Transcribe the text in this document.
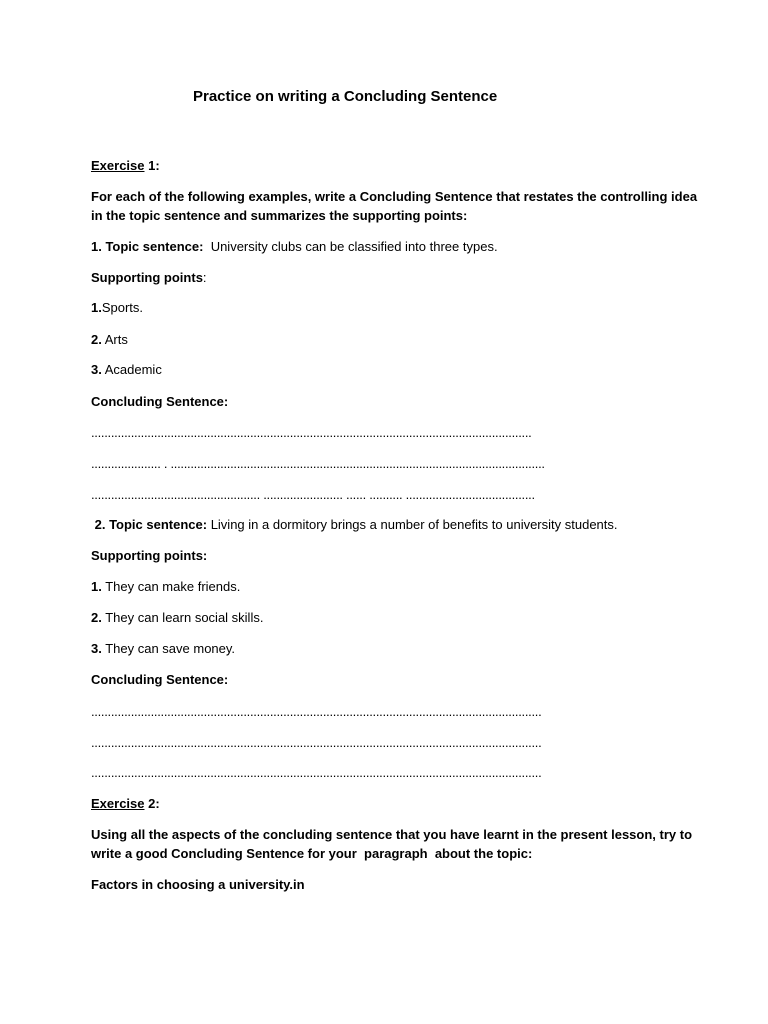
Practice on writing a Concluding Sentence
Exercise 1:
For each of the following examples, write a Concluding Sentence that restates the controlling idea
in the topic sentence and summarizes the supporting points:
1. Topic sentence:  University clubs can be classified into three types.
Supporting points:
1.Sports.
2. Arts
3. Academic
Concluding Sentence:
.....................................................................................................................................
..................... . .................................................................................................................
................................................... ........................ ...... .......... .......................................
2. Topic sentence: Living in a dormitory brings a number of benefits to university students.
Supporting points:
1. They can make friends.
2. They can learn social skills.
3. They can save money.
Concluding Sentence:
........................................................................................................................................
........................................................................................................................................
........................................................................................................................................
Exercise 2:
Using all the aspects of the concluding sentence that you have learnt in the present lesson, try to
write a good Concluding Sentence for your  paragraph  about the topic:
Factors in choosing a university.in
